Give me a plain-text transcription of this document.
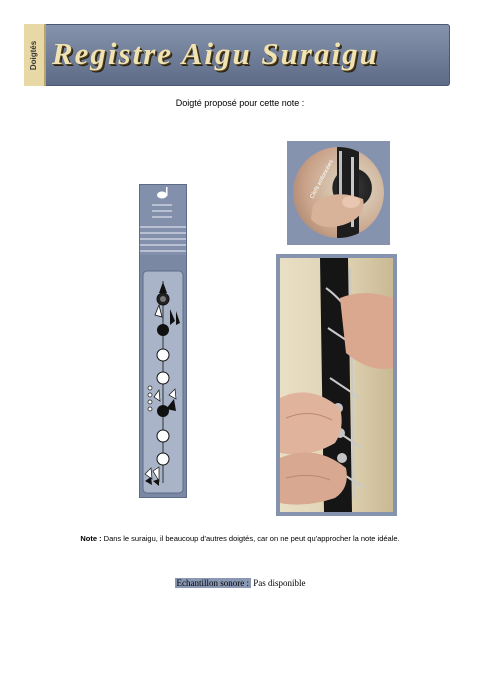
Doigtés Registre Aigu Suraigu
Doigté proposé pour cette note :
Clefs enfoncées
Note : Dans le suraigu, il beaucoup d'autres doigtés, car on ne peut qu'approcher la note idéale.
Echantillon sonore : Pas disponible
